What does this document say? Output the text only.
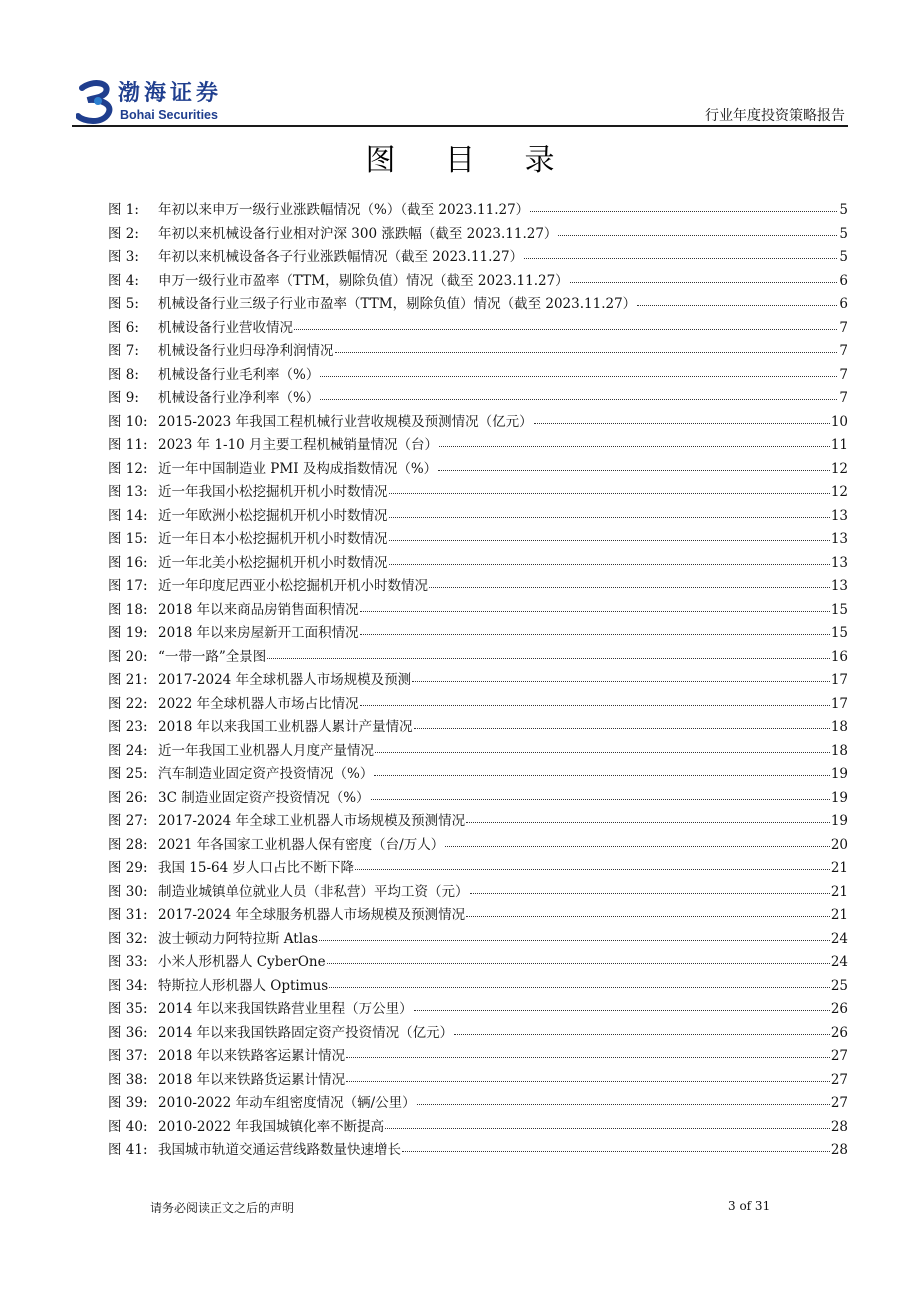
渤海证券
Bohai Securities	行业年度投资策略报告
图 目 录
图 1:	年初以来申万一级行业涨跌幅情况（%）（截至 2023.11.27）	5
图 2:	年初以来机械设备行业相对沪深 300 涨跌幅（截至 2023.11.27）	5
图 3:	年初以来机械设备各子行业涨跌幅情况（截至 2023.11.27）	5
图 4:	申万一级行业市盈率（TTM，剔除负值）情况（截至 2023.11.27）	6
图 5:	机械设备行业三级子行业市盈率（TTM，剔除负值）情况（截至 2023.11.27）	6
图 6:	机械设备行业营收情况	7
图 7:	机械设备行业归母净利润情况	7
图 8:	机械设备行业毛利率（%）	7
图 9:	机械设备行业净利率（%）	7
图 10: 2015-2023 年我国工程机械行业营收规模及预测情况（亿元）	10
图 11: 2023 年 1-10 月主要工程机械销量情况（台）	11
图 12: 近一年中国制造业 PMI 及构成指数情况（%）	12
图 13: 近一年我国小松挖掘机开机小时数情况	12
图 14: 近一年欧洲小松挖掘机开机小时数情况	13
图 15: 近一年日本小松挖掘机开机小时数情况	13
图 16: 近一年北美小松挖掘机开机小时数情况	13
图 17: 近一年印度尼西亚小松挖掘机开机小时数情况	13
图 18: 2018 年以来商品房销售面积情况	15
图 19: 2018 年以来房屋新开工面积情况	15
图 20: “一带一路”全景图	16
图 21: 2017-2024 年全球机器人市场规模及预测	17
图 22: 2022 年全球机器人市场占比情况	17
图 23: 2018 年以来我国工业机器人累计产量情况	18
图 24: 近一年我国工业机器人月度产量情况	18
图 25: 汽车制造业固定资产投资情况（%）	19
图 26: 3C 制造业固定资产投资情况（%）	19
图 27: 2017-2024 年全球工业机器人市场规模及预测情况	19
图 28: 2021 年各国家工业机器人保有密度（台/万人）	20
图 29: 我国 15-64 岁人口占比不断下降	21
图 30: 制造业城镇单位就业人员（非私营）平均工资（元）	21
图 31: 2017-2024 年全球服务机器人市场规模及预测情况	21
图 32: 波士顿动力阿特拉斯 Atlas	24
图 33: 小米人形机器人 CyberOne	24
图 34: 特斯拉人形机器人 Optimus	25
图 35: 2014 年以来我国铁路营业里程（万公里）	26
图 36: 2014 年以来我国铁路固定资产投资情况（亿元）	26
图 37: 2018 年以来铁路客运累计情况	27
图 38: 2018 年以来铁路货运累计情况	27
图 39: 2010-2022 年动车组密度情况（辆/公里）	27
图 40: 2010-2022 年我国城镇化率不断提高	28
图 41: 我国城市轨道交通运营线路数量快速增长	28
请务必阅读正文之后的声明	3 of 31
